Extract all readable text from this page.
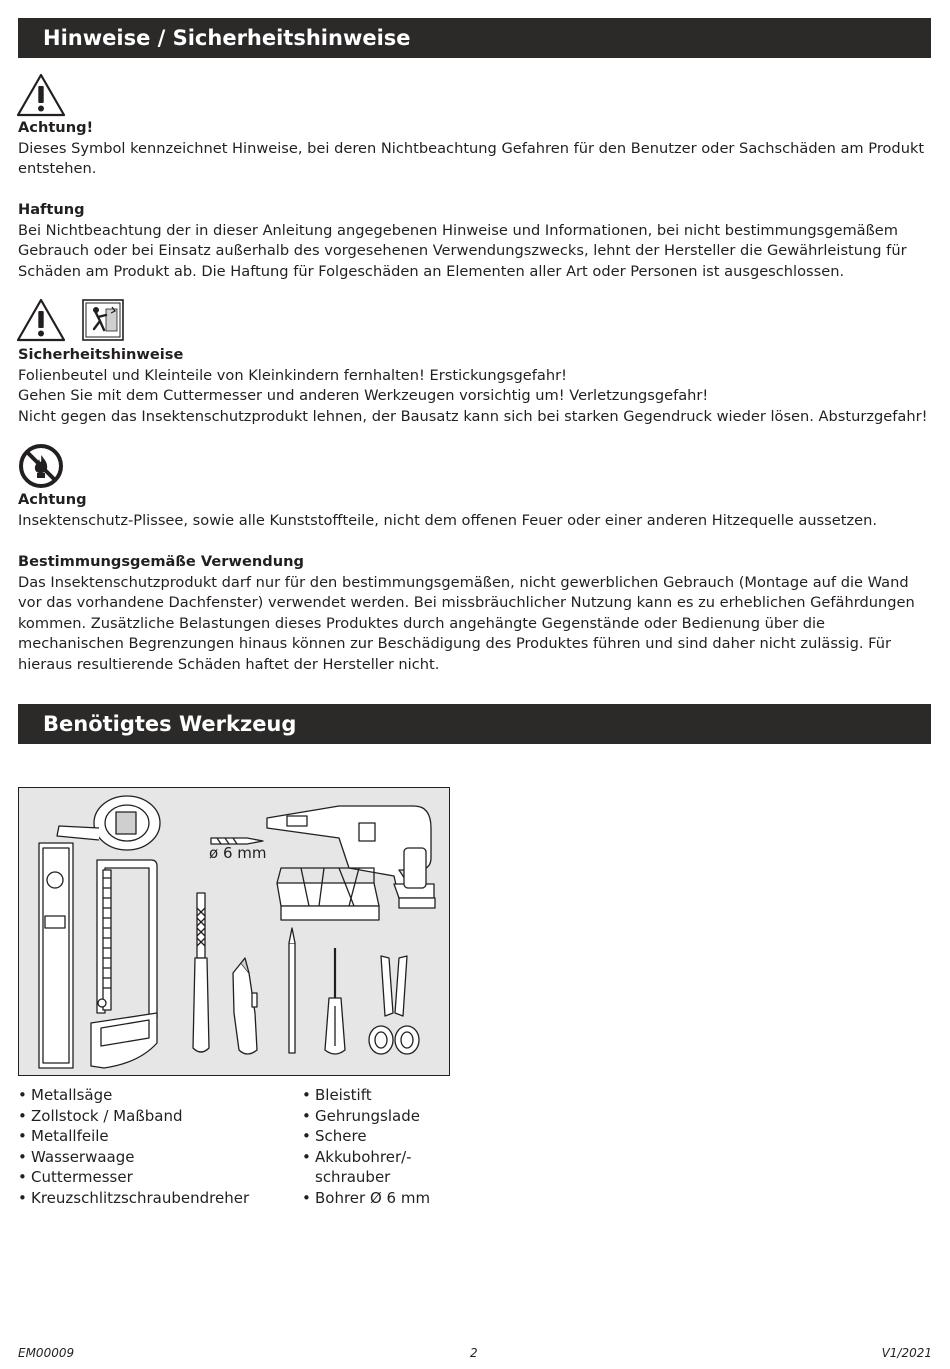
Hinweise / Sicherheitshinweise
Achtung!

Dieses Symbol kennzeichnet Hinweise, bei deren Nichtbeachtung Gefahren für den Benutzer oder Sachschäden am Produkt entstehen.

Haftung

Bei Nichtbeachtung der in dieser Anleitung angegebenen Hinweise und Informationen, bei nicht bestimmungsgemäßem Gebrauch oder bei Einsatz außerhalb des vorgesehenen Verwendungszwecks, lehnt der Hersteller die Gewährleistung für Schäden am Produkt ab. Die Haftung für Folgeschäden an Elementen aller Art oder Personen ist ausgeschlossen.

Sicherheitshinweise
Folienbeutel und Kleinteile von Kleinkindern fernhalten! Erstickungsgefahr!
Gehen Sie mit dem Cuttermesser und anderen Werkzeugen vorsichtig um! Verletzungsgefahr!
Nicht gegen das Insektenschutzprodukt lehnen, der Bausatz kann sich bei starken Gegendruck wieder lösen. Absturzgefahr!
Achtung

Insektenschutz-Plissee, sowie alle Kunststoffteile, nicht dem offenen Feuer oder einer anderen Hitzequelle aussetzen.

Bestimmungsgemäße Verwendung

Das Insektenschutzprodukt darf nur für den bestimmungsgemäßen, nicht gewerblichen Gebrauch (Montage auf die Wand vor das vorhandene Dachfenster) verwendet werden. Bei missbräuchlicher Nutzung kann es zu erheblichen Gefährdungen kommen. Zusätzliche Belastungen dieses Produktes durch angehängte Gegenstände oder Bedienung über die mechanischen Begrenzungen hinaus können zur Beschädigung des Produktes führen und sind daher nicht zulässig. Für hieraus resultierende Schäden haftet der Hersteller nicht.

Benötigtes Werkzeug
ø 6 mm
• Metallsäge
• Zollstock / Maßband
• Metallfeile
• Wasserwaage
• Cuttermesser
• Kreuzschlitzschraubendreher
• Bleistift
• Gehrungslade
• Schere
• Akkubohrer/-
schrauber
• Bohrer Ø 6 mm
EM00009	2	V1/2021
